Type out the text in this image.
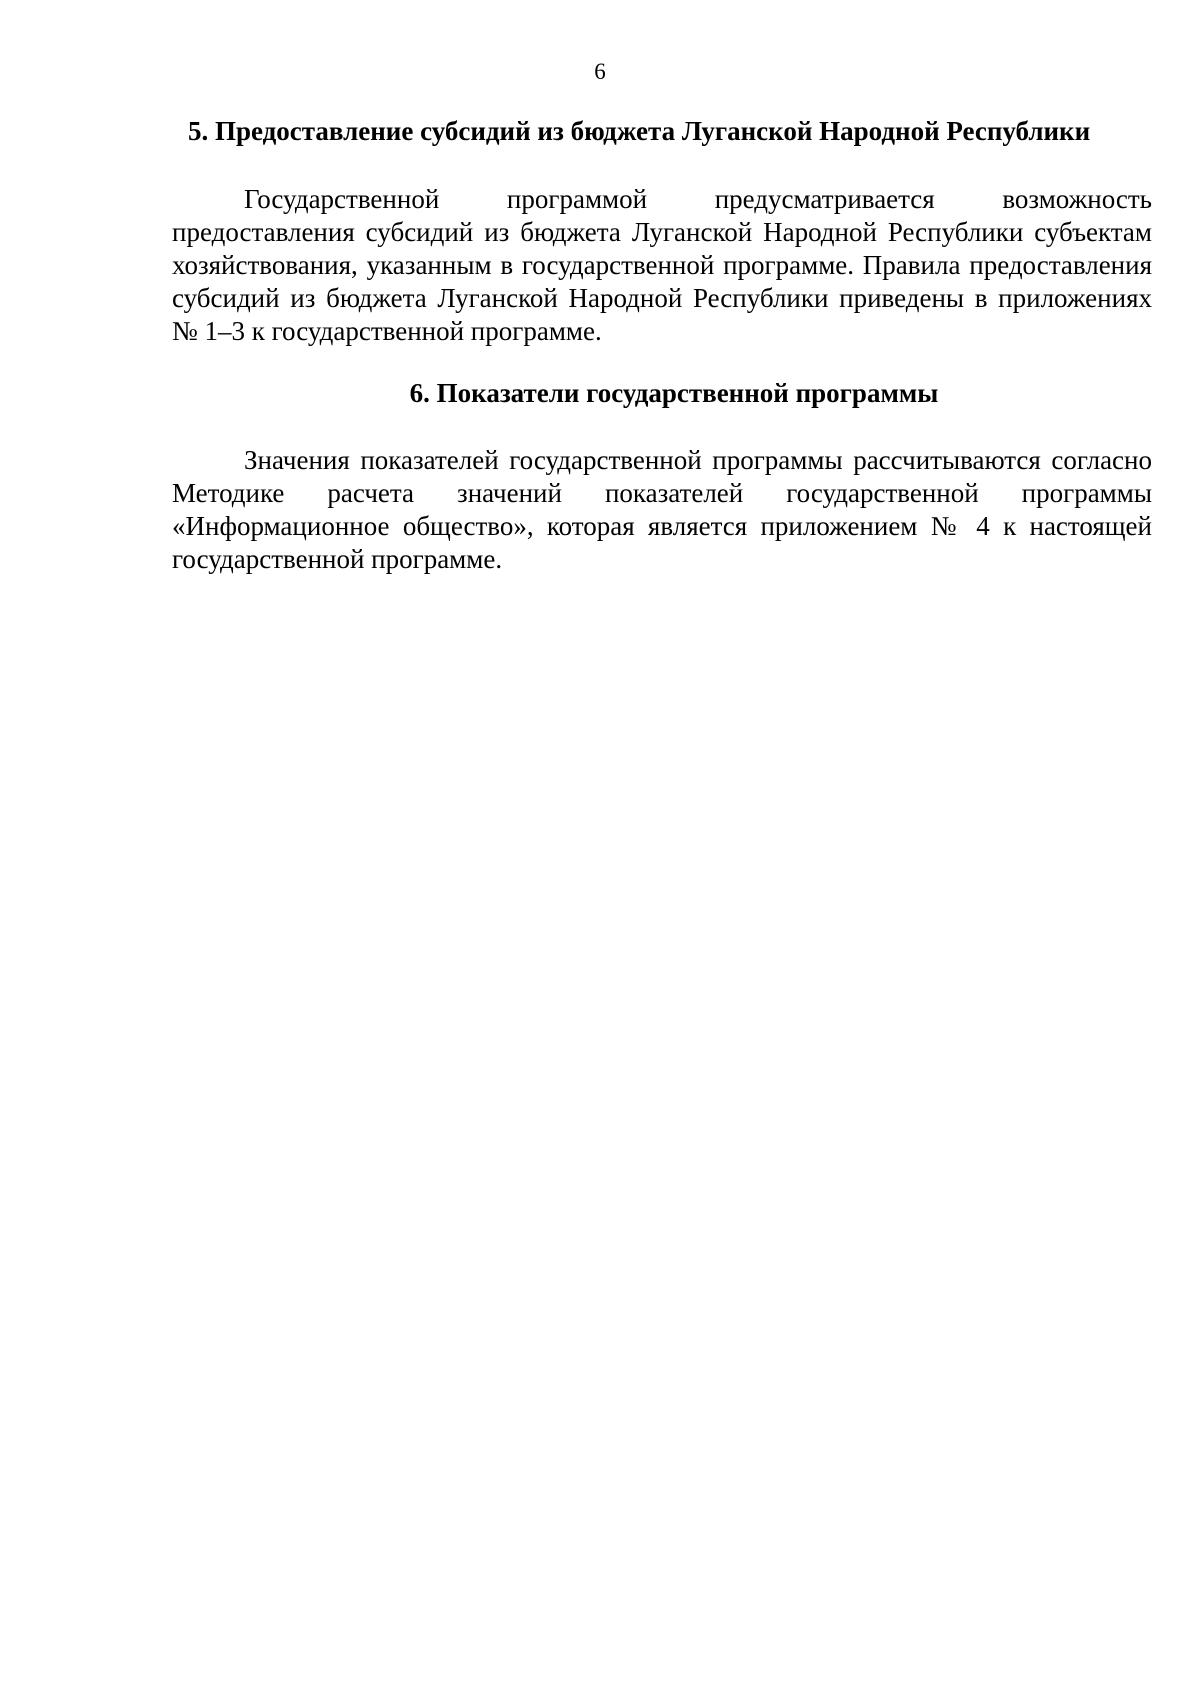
6
5. Предоставление субсидий из бюджета Луганской Народной Республики

Государственной программой предусматривается возможность предоставления субсидий из бюджета Луганской Народной Республики субъектам хозяйствования, указанным в государственной программе. Правила предоставления субсидий из бюджета Луганской Народной Республики приведены в приложениях № 1–3 к государственной программе.

6. Показатели государственной программы

Значения показателей государственной программы рассчитываются согласно Методике расчета значений показателей государственной программы «Информационное общество», которая является приложением № 4 к настоящей государственной программе.
